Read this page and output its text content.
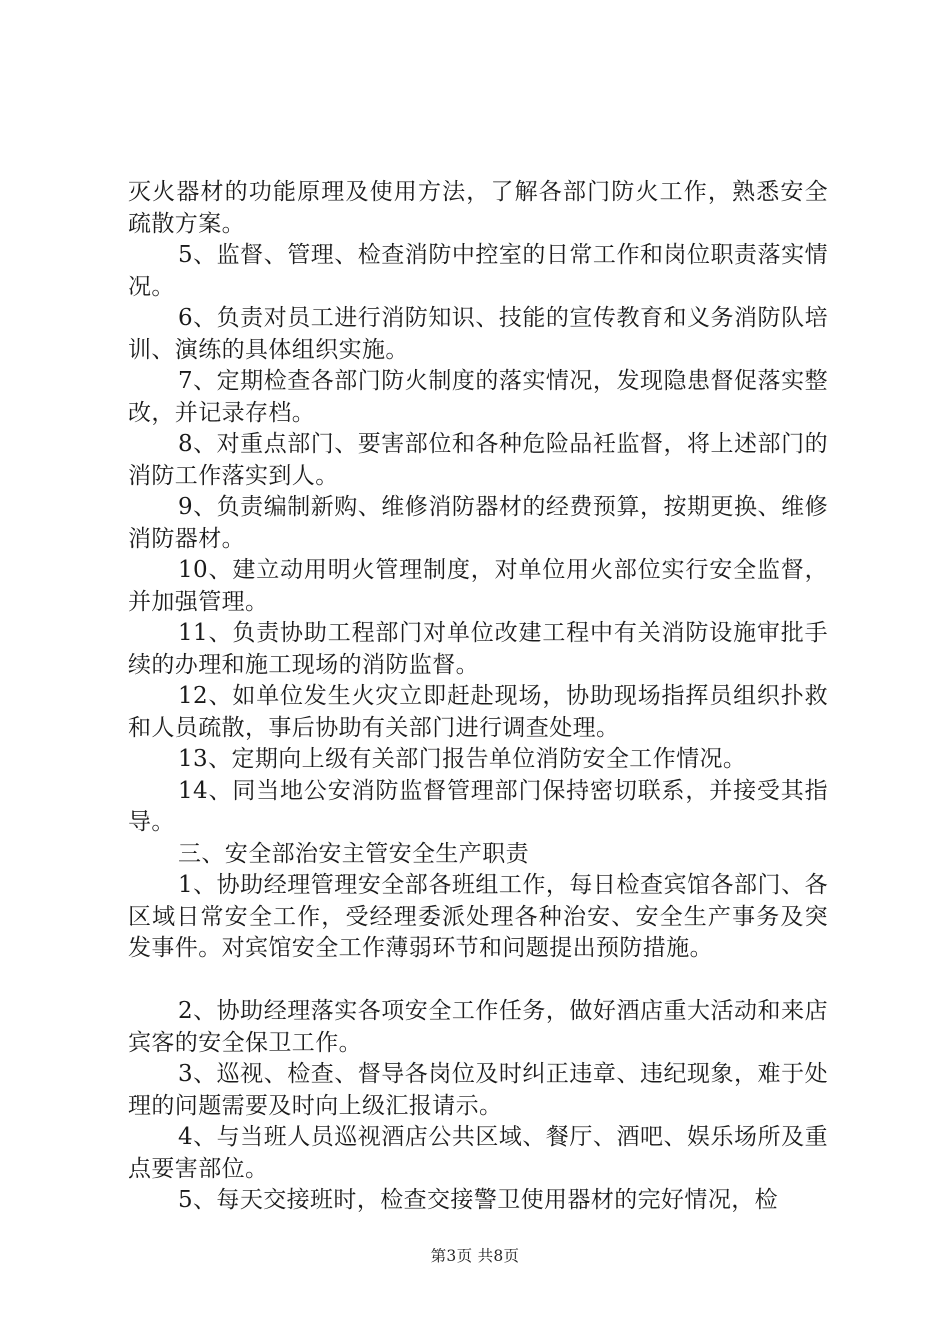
灭火器材的功能原理及使用方法，了解各部门防火工作，熟悉安全疏散方案。

5、监督、管理、检查消防中控室的日常工作和岗位职责落实情况。

6、负责对员工进行消防知识、技能的宣传教育和义务消防队培训、演练的具体组织实施。

7、定期检查各部门防火制度的落实情况，发现隐患督促落实整改，并记录存档。

8、对重点部门、要害部位和各种危险品衽监督，将上述部门的消防工作落实到人。

9、负责编制新购、维修消防器材的经费预算，按期更换、维修消防器材。

10、建立动用明火管理制度，对单位用火部位实行安全监督，并加强管理。

11、负责协助工程部门对单位改建工程中有关消防设施审批手续的办理和施工现场的消防监督。

12、如单位发生火灾立即赶赴现场，协助现场指挥员组织扑救和人员疏散，事后协助有关部门进行调查处理。

13、定期向上级有关部门报告单位消防安全工作情况。

14、同当地公安消防监督管理部门保持密切联系，并接受其指导。

三、安全部治安主管安全生产职责

1、协助经理管理安全部各班组工作，每日检查宾馆各部门、各区域日常安全工作，受经理委派处理各种治安、安全生产事务及突发事件。对宾馆安全工作薄弱环节和问题提出预防措施。

2、协助经理落实各项安全工作任务，做好酒店重大活动和来店宾客的安全保卫工作。

3、巡视、检查、督导各岗位及时纠正违章、违纪现象，难于处理的问题需要及时向上级汇报请示。

4、与当班人员巡视酒店公共区域、餐厅、酒吧、娱乐场所及重点要害部位。

5、每天交接班时，检查交接警卫使用器材的完好情况，检

第3页 共8页
